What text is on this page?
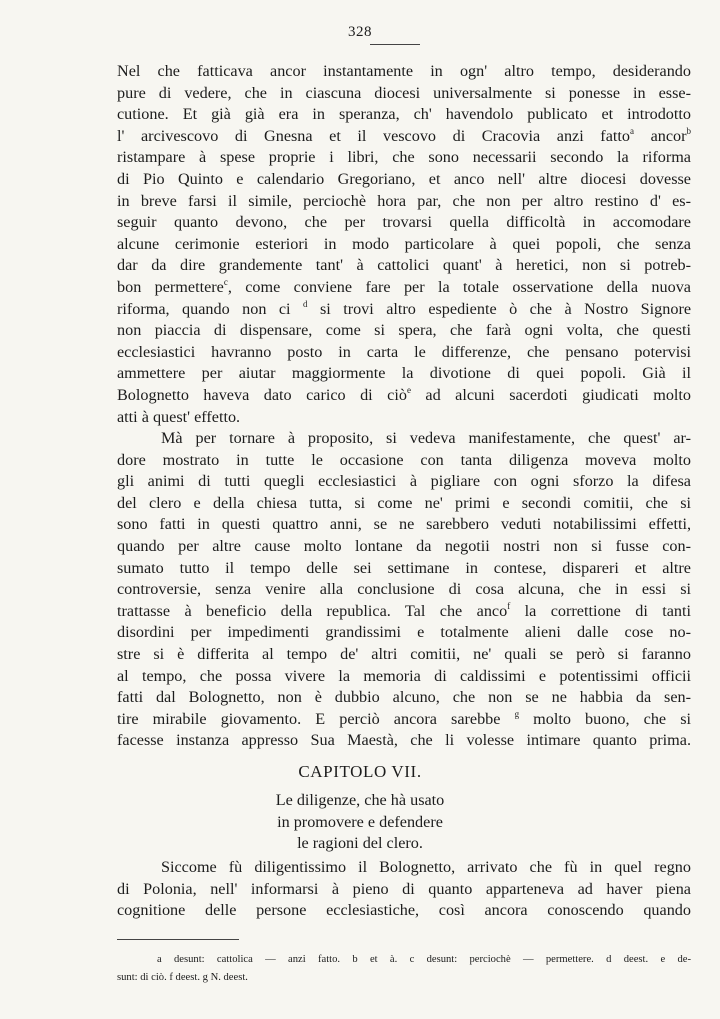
328
Nel che fatticava ancor instantamente in ogn' altro tempo, desiderando
pure di vedere, che in ciascuna diocesi universalmente si ponesse in esse-
cutione. Et già già era in speranza, ch' havendolo publicato et introdotto
l' arcivescovo di Gnesna et il vescovo di Cracovia anzi fatto$^a$ ancor$^b$
ristampare à spese proprie i libri, che sono necessarii secondo la riforma
di Pio Quinto e calendario Gregoriano, et anco nell' altre diocesi dovesse
in breve farsi il simile, perciochè hora par, che non per altro restino d' es-
seguir quanto devono, che per trovarsi quella difficoltà in accomodare
alcune cerimonie esteriori in modo particolare à quei popoli, che senza
dar da dire grandemente tant' à cattolici quant' à heretici, non si potreb-
bon permettere$^c$, come conviene fare per la totale osservatione della nuova
riforma, quando non ci $^d$ si trovi altro espediente ò che à Nostro Signore
non piaccia di dispensare, come si spera, che farà ogni volta, che questi
ecclesiastici havranno posto in carta le differenze, che pensano potervisi
ammettere per aiutar maggiormente la divotione di quei popoli. Già il
Bolognetto haveva dato carico di ciò$^e$ ad alcuni sacerdoti giudicati molto
atti à quest' effetto.
Mà per tornare à proposito, si vedeva manifestamente, che quest' ar-
dore mostrato in tutte le occasione con tanta diligenza moveva molto
gli animi di tutti quegli ecclesiastici à pigliare con ogni sforzo la difesa
del clero e della chiesa tutta, si come ne' primi e secondi comitii, che si
sono fatti in questi quattro anni, se ne sarebbero veduti notabilissimi effetti,
quando per altre cause molto lontane da negotii nostri non si fusse con-
sumato tutto il tempo delle sei settimane in contese, dispareri et altre
controversie, senza venire alla conclusione di cosa alcuna, che in essi si
trattasse à beneficio della republica. Tal che anco$^f$ la correttione di tanti
disordini per impedimenti grandissimi e totalmente alieni dalle cose no-
stre si è differita al tempo de' altri comitii, ne' quali se però si faranno
al tempo, che possa vivere la memoria di caldissimi e potentissimi officii
fatti dal Bolognetto, non è dubbio alcuno, che non se ne habbia da sen-
tire mirabile giovamento. E perciò ancora sarebbe $^g$ molto buono, che si
facesse instanza appresso Sua Maestà, che li volesse intimare quanto prima.
CAPITOLO VII.
Le diligenze, che hà usato
in promovere e defendere
le ragioni del clero.
Siccome fù diligentissimo il Bolognetto, arrivato che fù in quel regno
di Polonia, nell' informarsi à pieno di quanto apparteneva ad haver piena
cognitione delle persone ecclesiastiche, così ancora conoscendo quando
a desunt: cattolica — anzi fatto. b et à. c desunt: perciochè — permettere. d deest. e de-
sunt: di ciò. f deest. g N. deest.
